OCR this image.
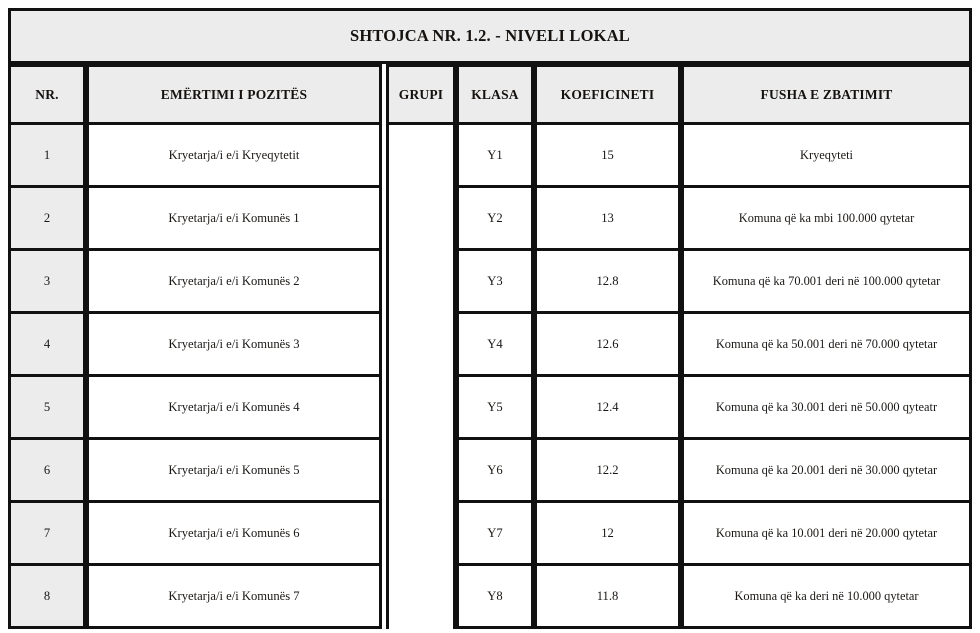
SHTOJCA NR. 1.2. - NIVELI LOKAL
NR.	EMËRTIMI I POZITËS		GRUPI	KLASA	KOEFICINETI	FUSHA E ZBATIMIT
1	Kryetarja/i e/i Kryeqytetit			Y1	15	Kryeqyteti
2	Kryetarja/i e/i Komunës 1			Y2	13	Komuna që ka mbi 100.000 qytetar
3	Kryetarja/i e/i Komunës 2			Y3	12.8	Komuna që ka 70.001 deri në 100.000 qytetar
4	Kryetarja/i e/i Komunës 3			Y4	12.6	Komuna që ka 50.001 deri në 70.000 qytetar
5	Kryetarja/i e/i Komunës 4			Y5	12.4	Komuna që ka 30.001 deri në 50.000 qyteatr
6	Kryetarja/i e/i Komunës 5			Y6	12.2	Komuna që ka 20.001 deri në 30.000 qytetar
7	Kryetarja/i e/i Komunës 6			Y7	12	Komuna që ka 10.001 deri në 20.000 qytetar
8	Kryetarja/i e/i Komunës 7			Y8	11.8	Komuna që ka deri në 10.000 qytetar
